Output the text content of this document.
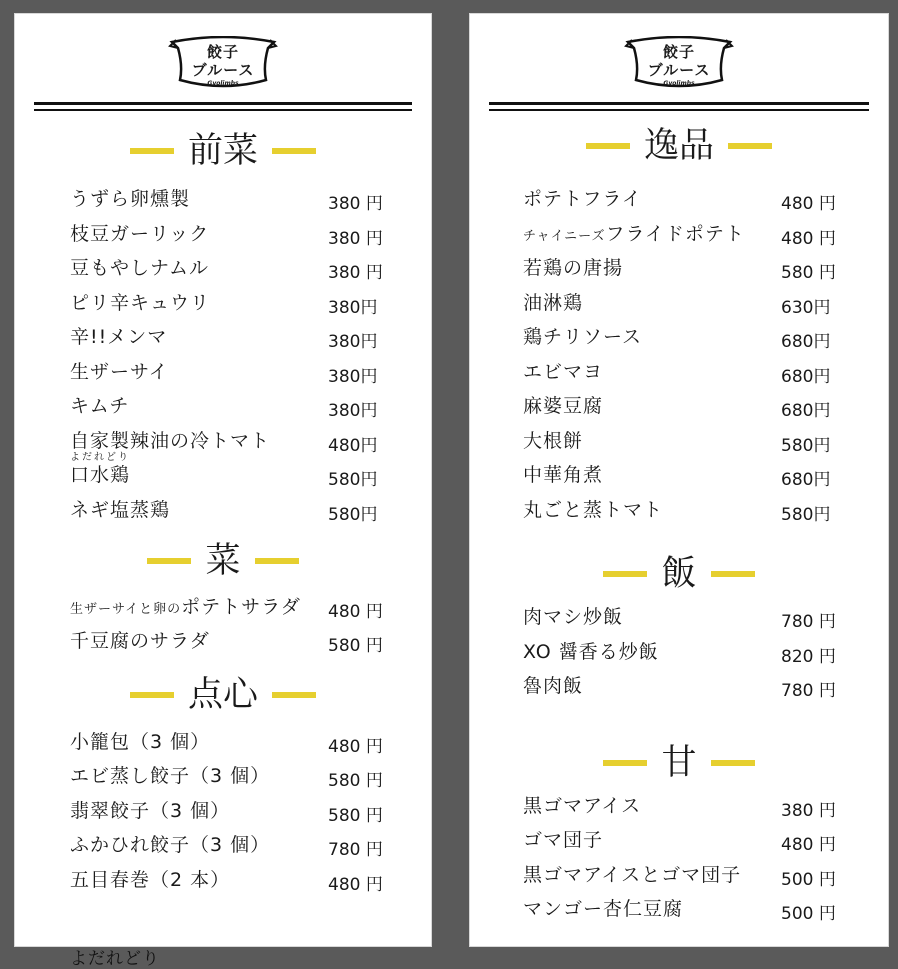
餃子
ブルース
Gyolimbs
前菜
うずら卵燻製	380 円
枝豆ガーリック	380 円
豆もやしナムル	380 円
ピリ辛キュウリ	380円
辛!!メンマ	380円
生ザーサイ	380円
キムチ	380円
自家製辣油の冷トマト	480円
よだれどり
口水鶏	580円
ネギ塩蒸鶏	580円
菜
生ザーサイと卵のポテトサラダ 480 円
千豆腐のサラダ	580 円
点心
小籠包（3 個）	480 円
エビ蒸し餃子（3 個）	580 円
翡翠餃子（3 個）	580 円
ふかひれ餃子（3 個）	780 円
五目春巻（2 本）	480 円
餃子
ブルース
Gyolimbs
逸品
ポテトフライ	480 円
チャイニーズフライドポテト 480 円
若鶏の唐揚	580 円
油淋鶏	630円
鶏チリソース	680円
エビマヨ	680円
麻婆豆腐	680円
大根餅	580円
中華角煮	680円
丸ごと蒸トマト	580円
飯
肉マシ炒飯	780 円
XO 醤香る炒飯	820 円
魯肉飯	780 円
甘
黒ゴマアイス	380 円
ゴマ団子	480 円
黒ゴマアイスとゴマ団子 500 円
マンゴー杏仁豆腐	500 円
よだれどり
